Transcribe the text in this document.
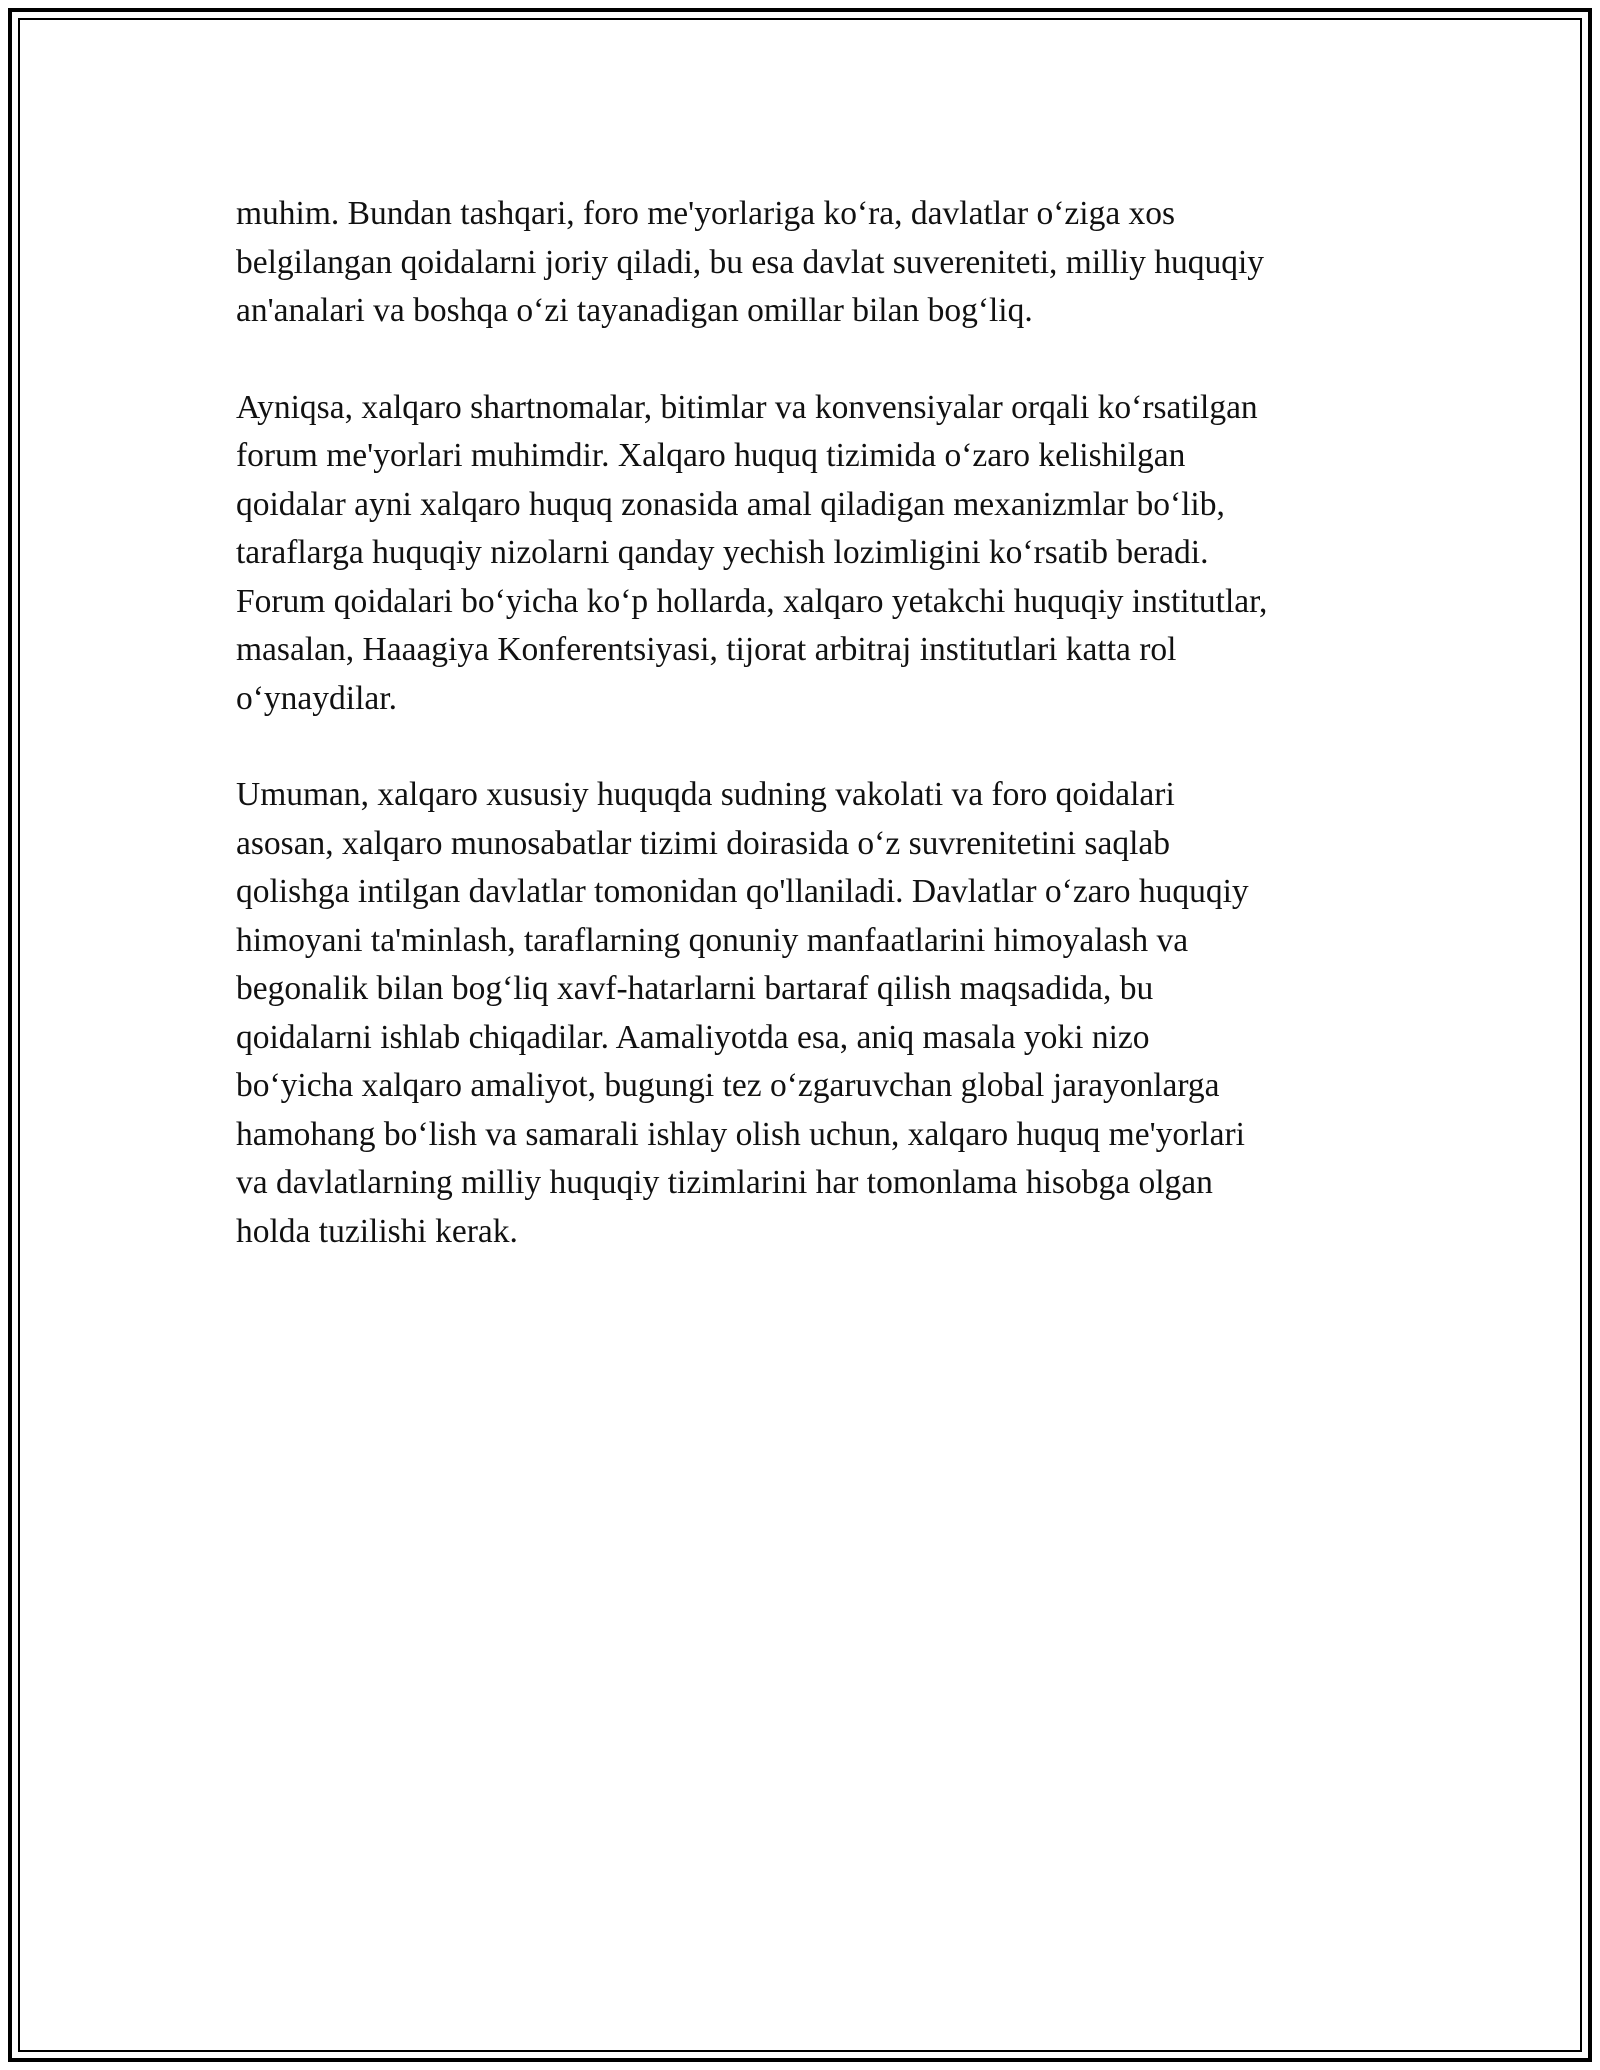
muhim. Bundan tashqari, foro me'yorlariga ko‘ra, davlatlar o‘ziga xos
belgilangan qoidalarni joriy qiladi, bu esa davlat suvereniteti, milliy huquqiy
an'analari va boshqa o‘zi tayanadigan omillar bilan bog‘liq.

Ayniqsa, xalqaro shartnomalar, bitimlar va konvensiyalar orqali ko‘rsatilgan
forum me'yorlari muhimdir. Xalqaro huquq tizimida o‘zaro kelishilgan
qoidalar ayni xalqaro huquq zonasida amal qiladigan mexanizmlar bo‘lib,
taraflarga huquqiy nizolarni qanday yechish lozimligini ko‘rsatib beradi.
Forum qoidalari bo‘yicha ko‘p hollarda, xalqaro yetakchi huquqiy institutlar,
masalan, Haaagiya Konferentsiyasi, tijorat arbitraj institutlari katta rol
o‘ynaydilar.

Umuman, xalqaro xususiy huquqda sudning vakolati va foro qoidalari
asosan, xalqaro munosabatlar tizimi doirasida o‘z suvrenitetini saqlab
qolishga intilgan davlatlar tomonidan qo'llaniladi. Davlatlar o‘zaro huquqiy
himoyani ta'minlash, taraflarning qonuniy manfaatlarini himoyalash va
begonalik bilan bog‘liq xavf-hatarlarni bartaraf qilish maqsadida, bu
qoidalarni ishlab chiqadilar. Aamaliyotda esa, aniq masala yoki nizo
bo‘yicha xalqaro amaliyot, bugungi tez o‘zgaruvchan global jarayonlarga
hamohang bo‘lish va samarali ishlay olish uchun, xalqaro huquq me'yorlari
va davlatlarning milliy huquqiy tizimlarini har tomonlama hisobga olgan
holda tuzilishi kerak.
